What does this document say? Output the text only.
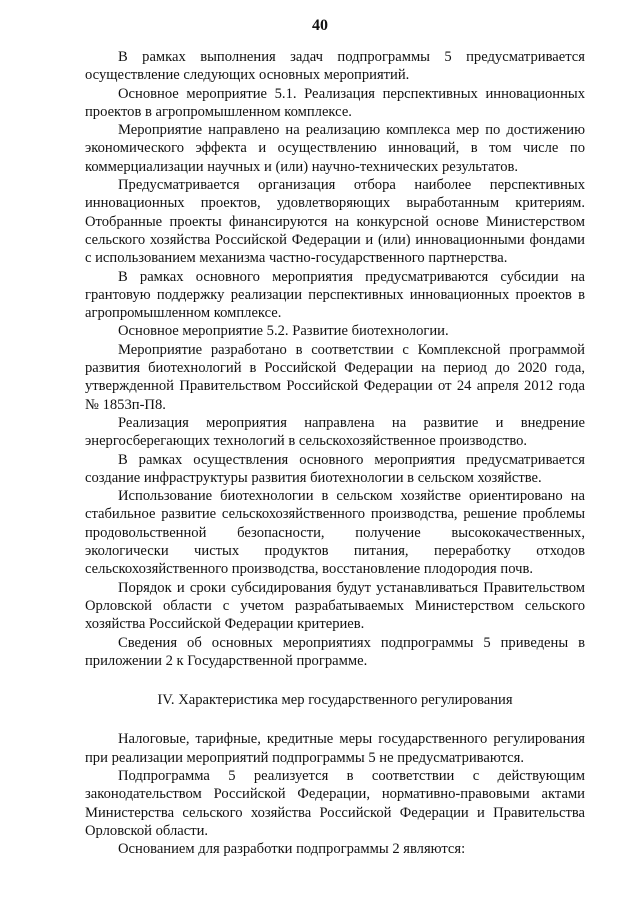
40

В рамках выполнения задач подпрограммы 5 предусматривается осуществление следующих основных мероприятий.

Основное мероприятие 5.1. Реализация перспективных инновационных проектов в агропромышленном комплексе.

Мероприятие направлено на реализацию комплекса мер по достижению экономического эффекта и осуществлению инноваций, в том числе по коммерциализации научных и (или) научно-технических результатов.

Предусматривается организация отбора наиболее перспективных инновационных проектов, удовлетворяющих выработанным критериям. Отобранные проекты финансируются на конкурсной основе Министерством сельского хозяйства Российской Федерации и (или) инновационными фондами с использованием механизма частно-государственного партнерства.

В рамках основного мероприятия предусматриваются субсидии на грантовую поддержку реализации перспективных инновационных проектов в агропромышленном комплексе.

Основное мероприятие 5.2. Развитие биотехнологии.

Мероприятие разработано в соответствии с Комплексной программой развития биотехнологий в Российской Федерации на период до 2020 года, утвержденной Правительством Российской Федерации от 24 апреля 2012 года № 1853п-П8.

Реализация мероприятия направлена на развитие и внедрение энергосберегающих технологий в сельскохозяйственное производство.

В рамках осуществления основного мероприятия предусматривается создание инфраструктуры развития биотехнологии в сельском хозяйстве.

Использование биотехнологии в сельском хозяйстве ориентировано на стабильное развитие сельскохозяйственного производства, решение проблемы продовольственной безопасности, получение высококачественных, экологически чистых продуктов питания, переработку отходов сельскохозяйственного производства, восстановление плодородия почв.

Порядок и сроки субсидирования будут устанавливаться Правительством Орловской области с учетом разрабатываемых Министерством сельского хозяйства Российской Федерации критериев.

Сведения об основных мероприятиях подпрограммы 5 приведены в приложении 2 к Государственной программе.

IV. Характеристика мер государственного регулирования

Налоговые, тарифные, кредитные меры государственного регулирования при реализации мероприятий подпрограммы 5 не предусматриваются.

Подпрограмма 5 реализуется в соответствии с действующим законодательством Российской Федерации, нормативно-правовыми актами Министерства сельского хозяйства Российской Федерации и Правительства Орловской области.

Основанием для разработки подпрограммы 2 являются:
